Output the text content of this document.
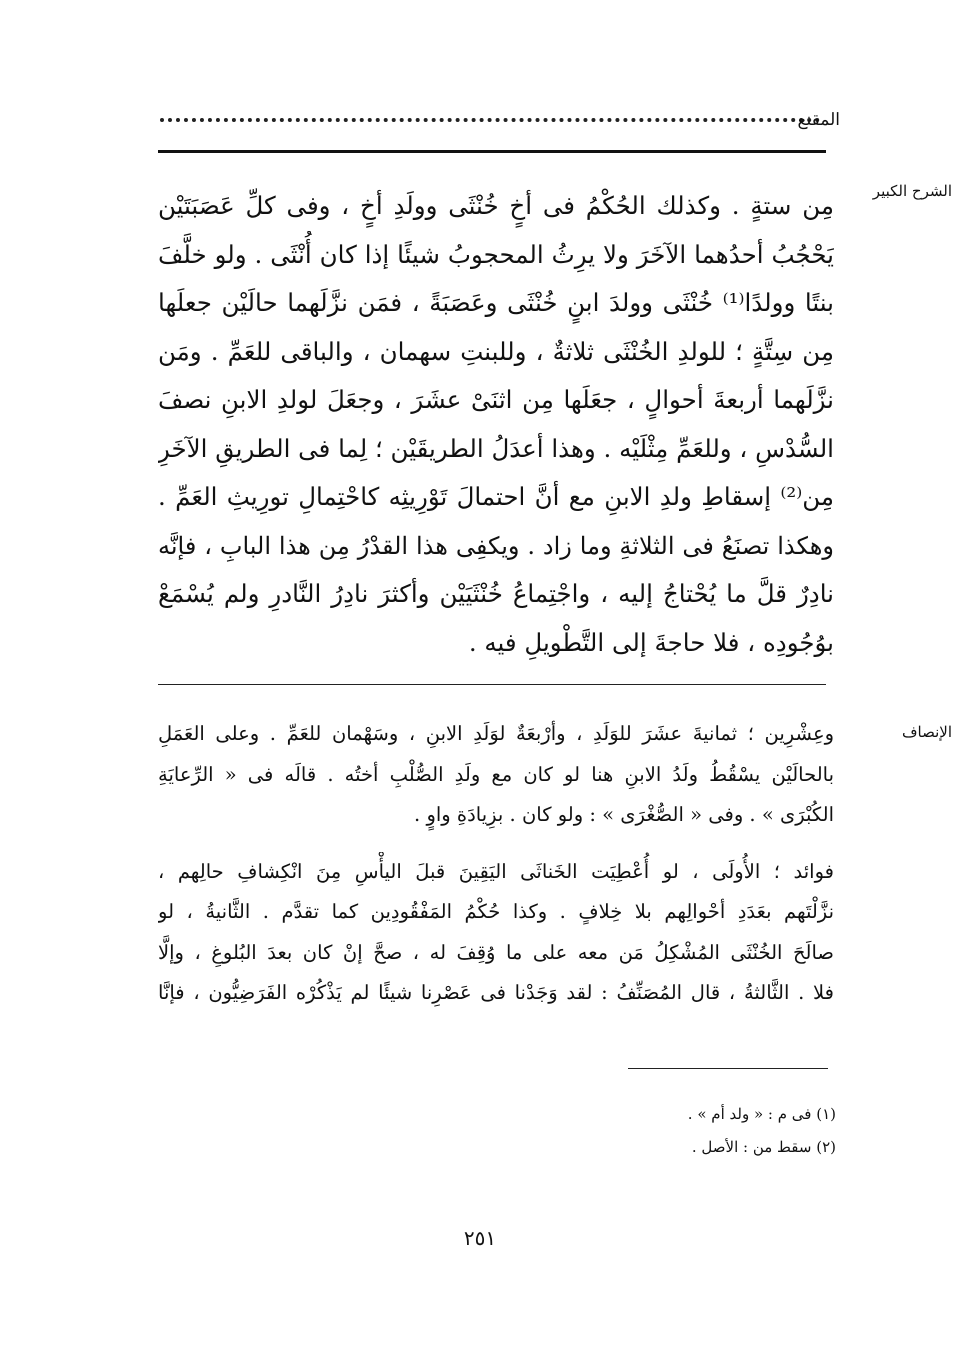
المقنع
الشرح الكبير
مِن ستةٍ . وكذلك الحُكْمُ فى أخٍ خُنْثَى وولَدِ أخٍ ، وفى كلِّ عَصَبَتَيْن
يَحْجُبُ أحدُهما الآخَرَ ولا يرِثُ المحجوبُ شيئًا إذا كان أُنْثَى . ولو خلَّفَ
بنتًا وولدًا⁽¹⁾ خُنْثَى وولدَ ابنٍ خُنْثَى وعَصَبَةً ، فمَن نزَّلَهما حالَيْن جعلَها
مِن سِتَّةٍ ؛ للولدِ الخُنْثَى ثلاثةٌ ، وللبنتِ سهمان ، والباقى للعَمِّ . ومَن
نزَّلَهما أربعةَ أحوالٍ ، جعَلَها مِن اثنَىْ عشَرَ ، وجعَلَ لولدِ الابنِ نصفَ
السُّدْسِ ، وللعَمِّ مِثْلَيْه . وهذا أعدَلُ الطريقَيْن ؛ لِما فى الطريقِ الآخَرِ
مِن⁽²⁾ إسقاطِ ولدِ الابنِ مع أنَّ احتمالَ تَوْرِيثِه كاحْتِمالِ تورِيثِ العَمِّ .
وهكذا تصنَعُ فى الثلاثةِ وما زاد . ويكفِى هذا القدْرُ مِن هذا البابِ ، فإنَّه
نادِرٌ قلَّ ما يُحْتاجُ إليه ، واجْتِماعُ خُنْثَيَيْن وأكثرَ نادِرُ النَّادرِ ولم يُسْمَعْ
بوُجُودِه ، فلا حاجةَ إلى التَّطْويلِ فيه .
الإنصاف
وعِشْرِين ؛ ثمانيةَ عشَرَ للوَلَدِ ، وأرْبعَةٌ لوَلَدِ الابنِ ، وسَهْمان للعَمِّ . وعلى العَمَلِ
بالحالَيْن يسْقُطُ ولَدُ الابنِ هنا لو كان مع ولَدِ الصُّلْبِ أختُه . قالَه فى « الرِّعايَةِ
الكُبْرَى » . وفى « الصُّغْرَى » : ولو كان . بزِيادَةِ واوٍ .
فوائد ؛ الأُولَى ، لو أُعْطِيَت الخَناثَى اليَقِينَ قبلَ اليأْسِ مِنَ انْكِشافِ حالِهم ،
نزَّلْتَهم بعَدَدِ أحْوالِهم بلا خِلافٍ . وكذا حُكْمُ المَفْقُودِين كما تقدَّم . الثَّانيةُ ، لو
صالَحَ الخُنْثَى المُشْكِلُ مَن معه على ما وُقِفَ له ، صحَّ إنْ كان بعدَ البُلوغِ ، وإلَّا
فلا . الثَّالثةُ ، قال المُصَنِّفُ : لقد وَجَدْنا فى عَصْرِنا شيئًا لم يَذْكُرْه الفَرَضِيُّون ، فإنَّا
(١) فى م : « ولد أم » .
(٢) سقط من : الأصل .
٢٥١
